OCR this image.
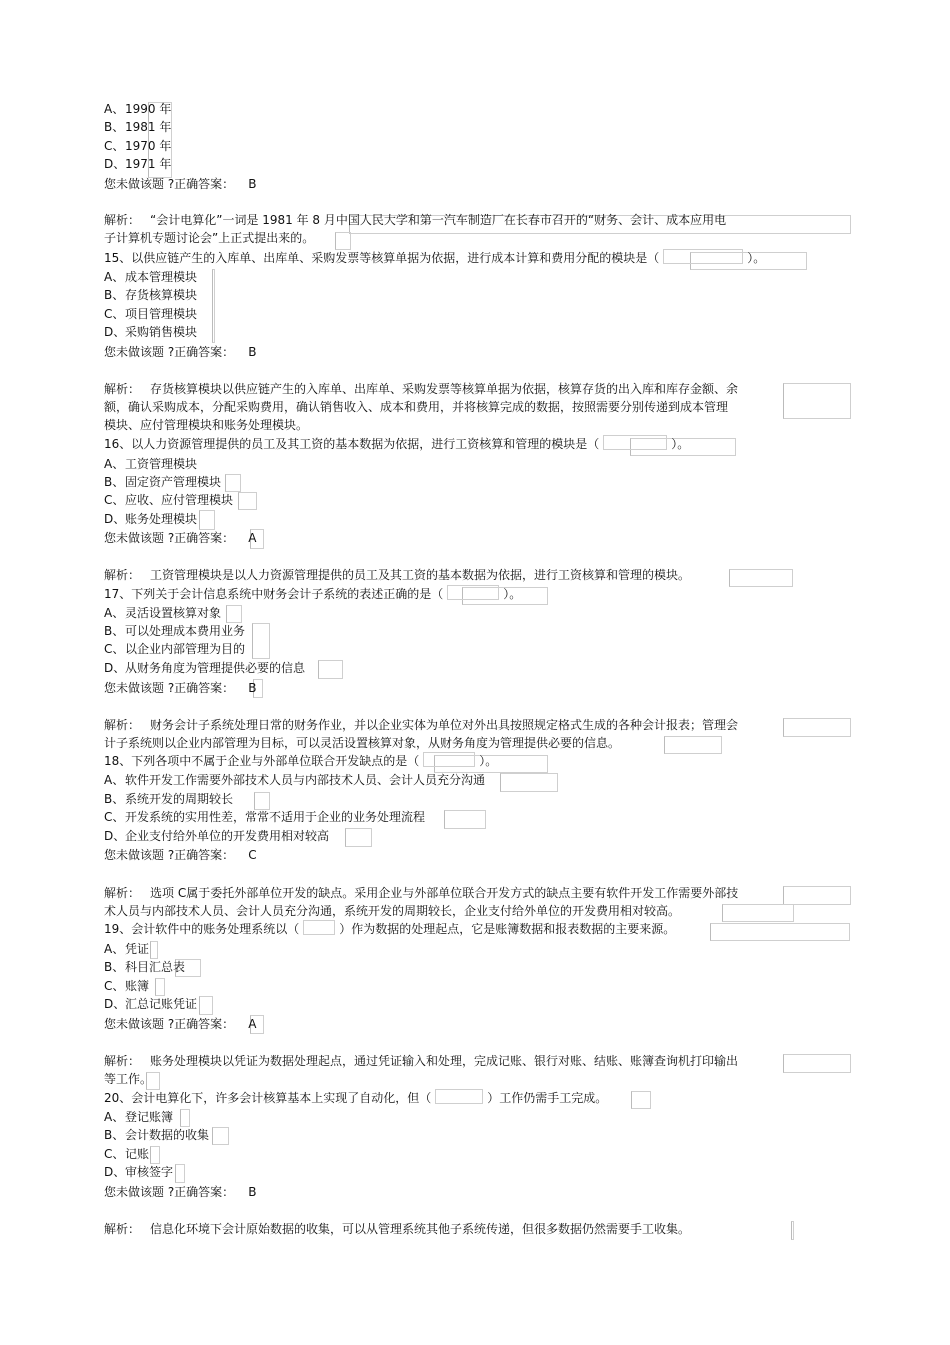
A、1990 年
B、1981 年
C、1970 年
D、1971 年
您未做该题 ?正确答案： B
解析： “会计电算化”一词是 1981 年 8 月中国人民大学和第一汽车制造厂在长春市召开的“财务、会计、成本应用电
子计算机专题讨论会”上正式提出来的。
15、以供应链产生的入库单、出库单、采购发票等核算单据为依据，进行成本计算和费用分配的模块是（	）。
A、成本管理模块
B、存货核算模块
C、项目管理模块
D、采购销售模块
您未做该题 ?正确答案： B
解析： 存货核算模块以供应链产生的入库单、出库单、采购发票等核算单据为依据，核算存货的出入库和库存金额、余
额，确认采购成本，分配采购费用，确认销售收入、成本和费用，并将核算完成的数据，按照需要分别传递到成本管理
模块、应付管理模块和账务处理模块。
16、以人力资源管理提供的员工及其工资的基本数据为依据，进行工资核算和管理的模块是（	）。
A、工资管理模块
B、固定资产管理模块
C、应收、应付管理模块
D、账务处理模块
您未做该题 ?正确答案： A
解析： 工资管理模块是以人力资源管理提供的员工及其工资的基本数据为依据，进行工资核算和管理的模块。
17、下列关于会计信息系统中财务会计子系统的表述正确的是（	）。
A、灵活设置核算对象
B、可以处理成本费用业务
C、以企业内部管理为目的
D、从财务角度为管理提供必要的信息
您未做该题 ?正确答案： B
解析： 财务会计子系统处理日常的财务作业，并以企业实体为单位对外出具按照规定格式生成的各种会计报表；管理会
计子系统则以企业内部管理为目标，可以灵活设置核算对象，从财务角度为管理提供必要的信息。
18、下列各项中不属于企业与外部单位联合开发缺点的是（	）。
A、软件开发工作需要外部技术人员与内部技术人员、会计人员充分沟通
B、系统开发的周期较长
C、开发系统的实用性差，常常不适用于企业的业务处理流程
D、企业支付给外单位的开发费用相对较高
您未做该题 ?正确答案： C
解析： 选项 C属于委托外部单位开发的缺点。采用企业与外部单位联合开发方式的缺点主要有软件开发工作需要外部技
术人员与内部技术人员、会计人员充分沟通，系统开发的周期较长，企业支付给外单位的开发费用相对较高。
19、会计软件中的账务处理系统以（	）作为数据的处理起点，它是账簿数据和报表数据的主要来源。
A、凭证
B、科目汇总表
C、账簿
D、汇总记账凭证
您未做该题 ?正确答案： A
解析： 账务处理模块以凭证为数据处理起点，通过凭证输入和处理，完成记账、银行对账、结账、账簿查询机打印输出
等工作。
20、会计电算化下，许多会计核算基本上实现了自动化，但（	）工作仍需手工完成。
A、登记账簿
B、会计数据的收集
C、记账
D、审核签字
您未做该题 ?正确答案： B
解析： 信息化环境下会计原始数据的收集，可以从管理系统其他子系统传递，但很多数据仍然需要手工收集。
